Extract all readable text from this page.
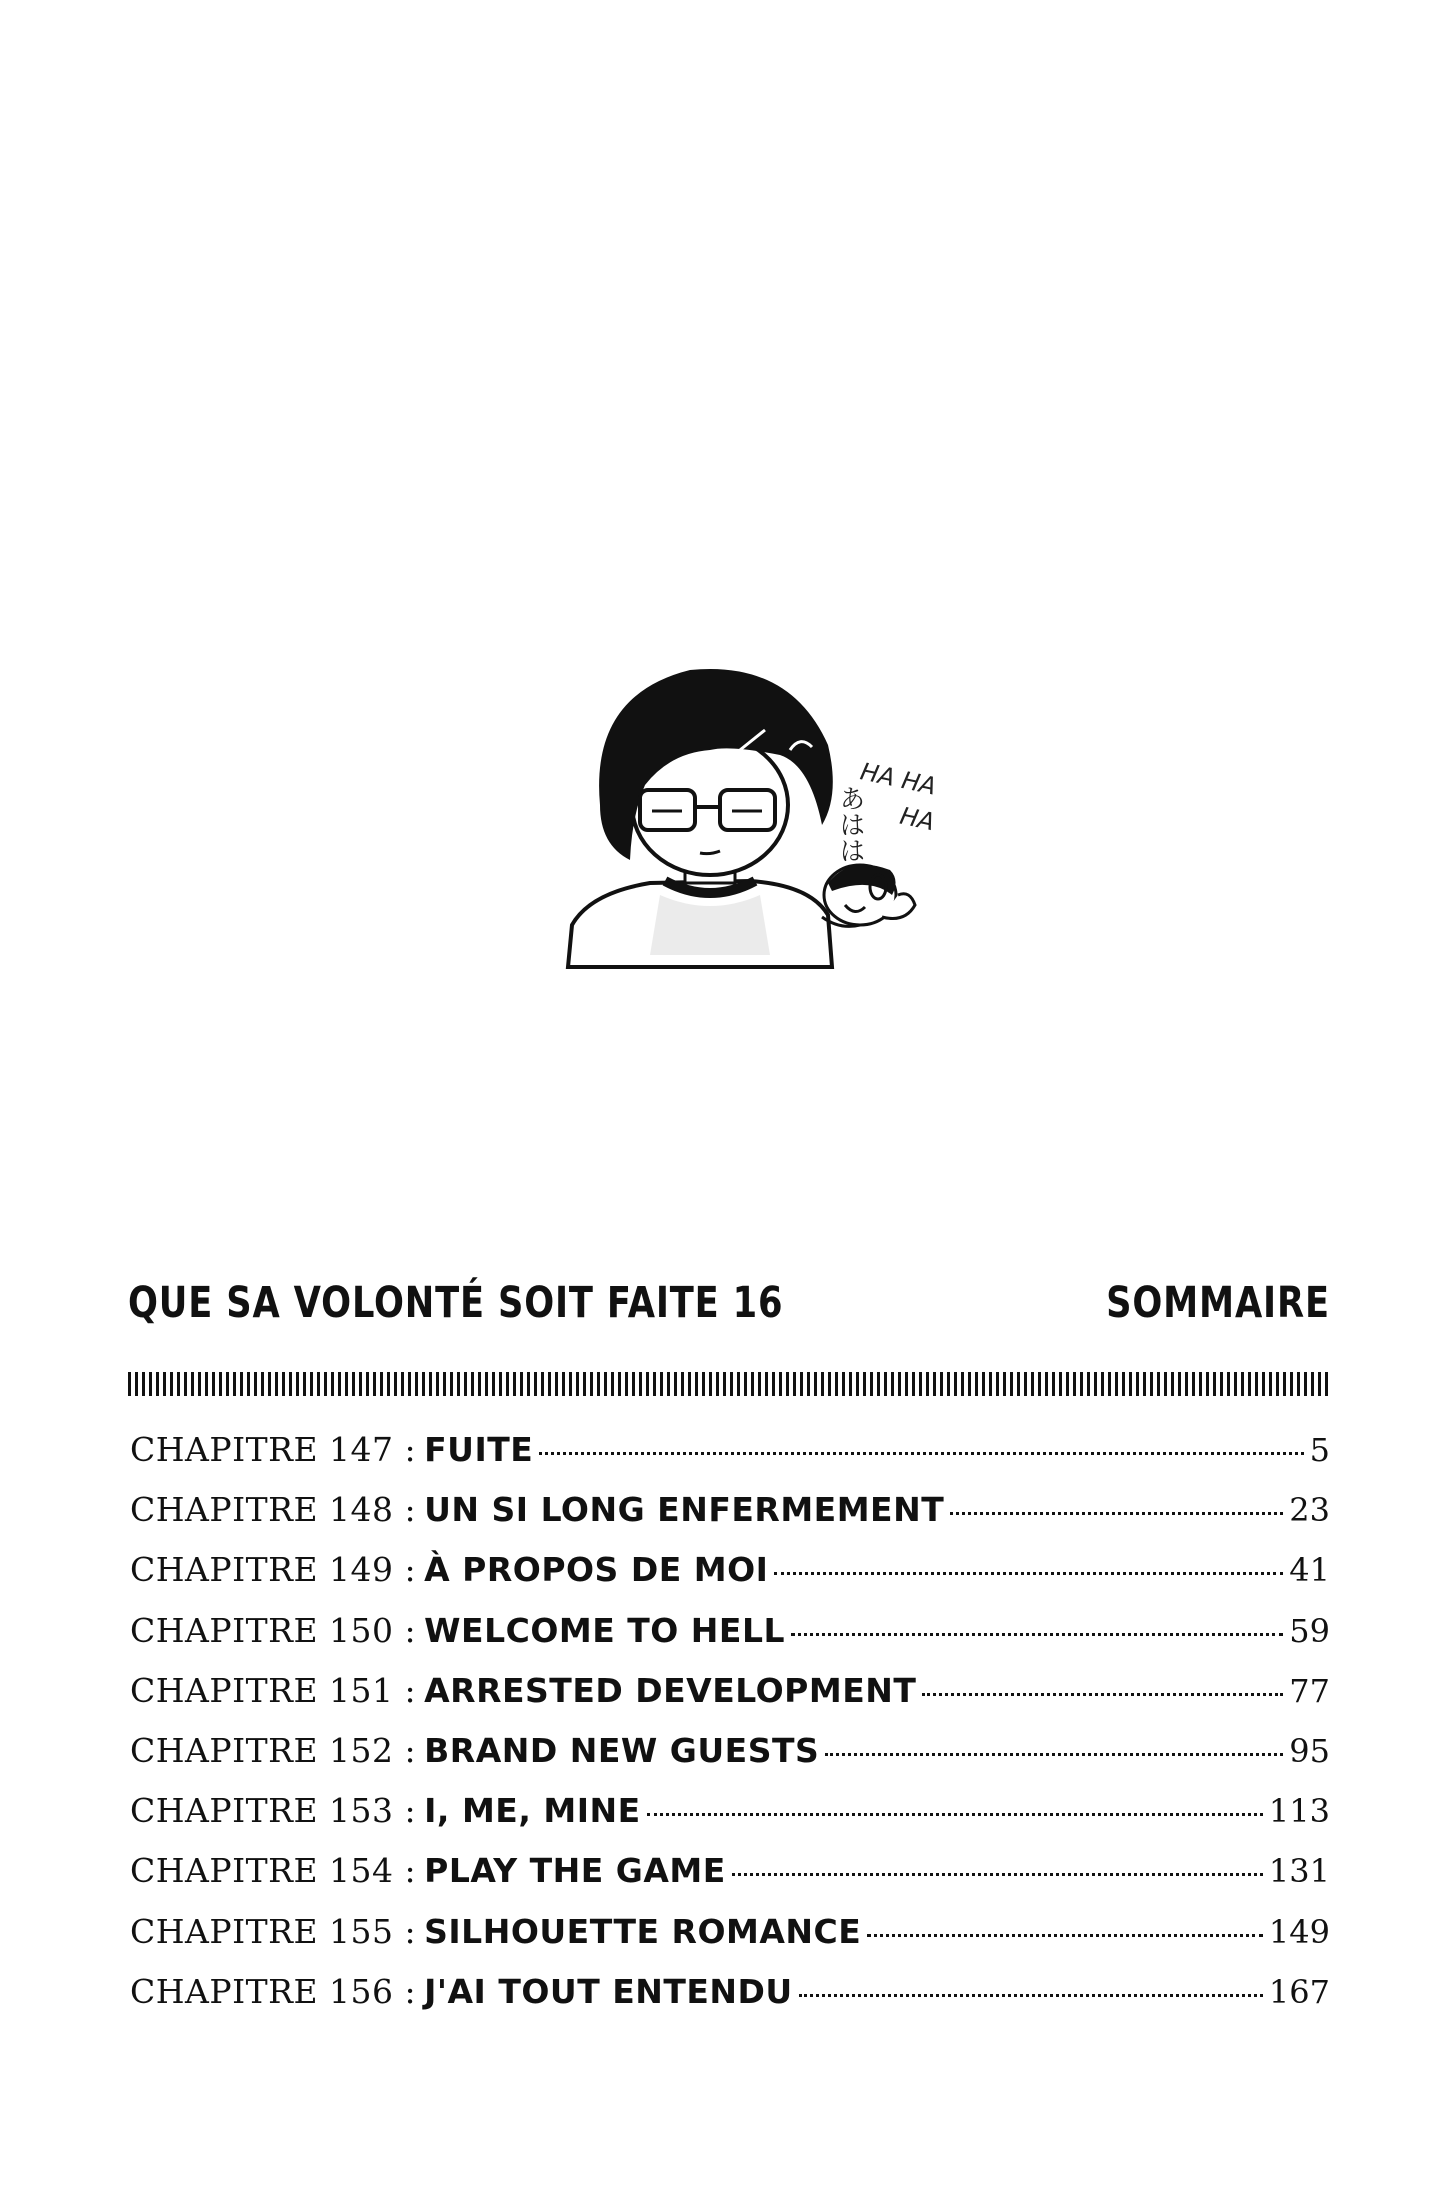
あはは
HA HA
HA
QUE SA VOLONTÉ SOIT FAITE 16	SOMMAIRE
CHAPITRE 147 : FUITE	5
CHAPITRE 148 : UN SI LONG ENFERMEMENT	23
CHAPITRE 149 : À PROPOS DE MOI	41
CHAPITRE 150 : WELCOME TO HELL	59
CHAPITRE 151 : ARRESTED DEVELOPMENT	77
CHAPITRE 152 : BRAND NEW GUESTS	95
CHAPITRE 153 : I, ME, MINE	113
CHAPITRE 154 : PLAY THE GAME	131
CHAPITRE 155 : SILHOUETTE ROMANCE	149
CHAPITRE 156 : J'AI TOUT ENTENDU	167
